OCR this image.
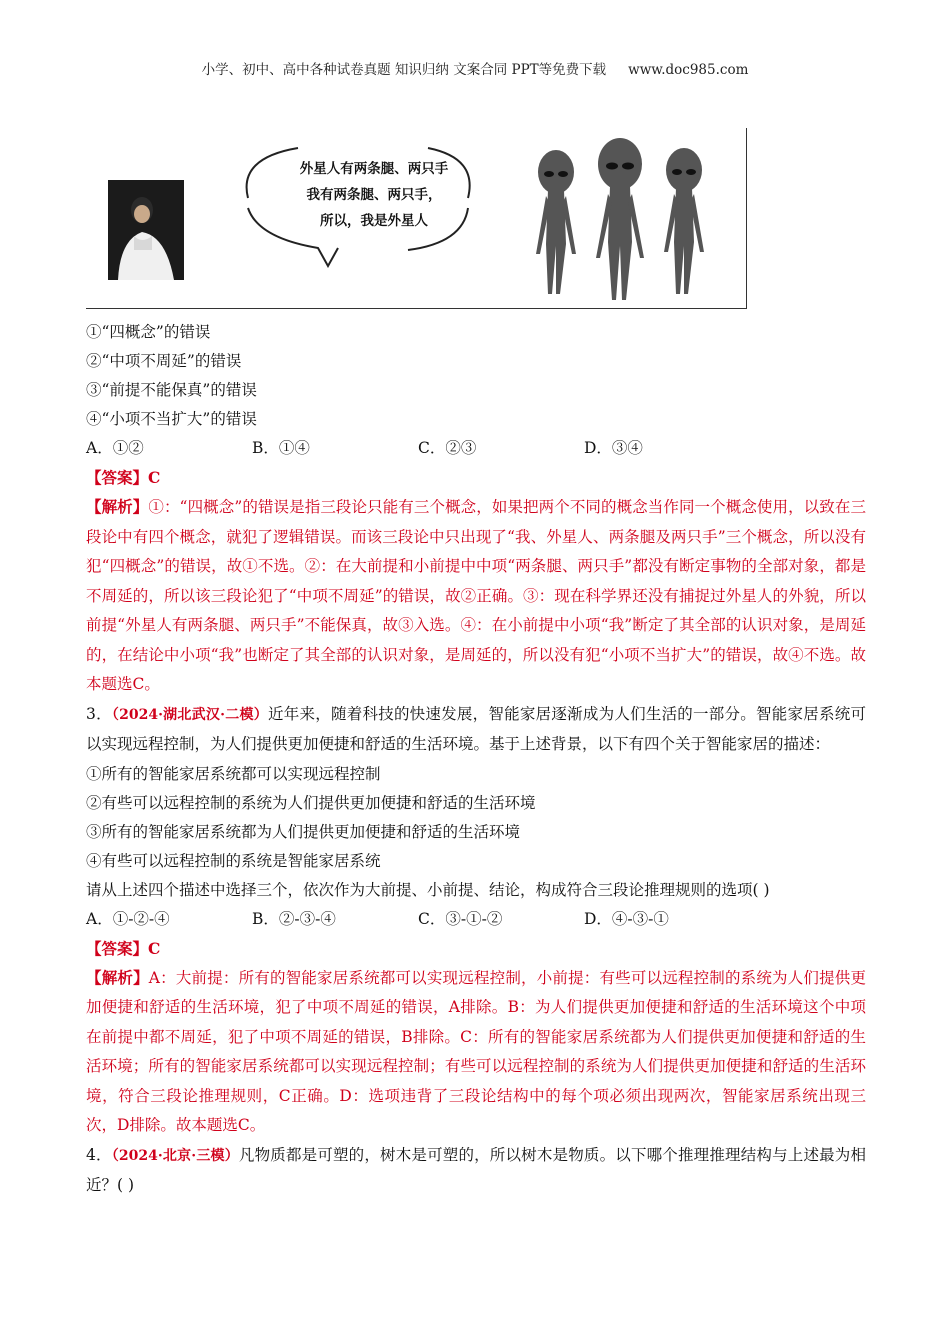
小学、初中、高中各种试卷真题 知识归纳 文案合同 PPT等免费下载 www.doc985.com
外星人有两条腿、两只手
我有两条腿、两只手，
所以，我是外星人
①“四概念”的错误
②“中项不周延”的错误
③“前提不能保真”的错误
④“小项不当扩大”的错误
A．①②	B．①④	C．②③	D．③④
【答案】C
【解析】①：“四概念”的错误是指三段论只能有三个概念，如果把两个不同的概念当作同一个概念使用，以致在三段论中有四个概念，就犯了逻辑错误。而该三段论中只出现了“我、外星人、两条腿及两只手”三个概念，所以没有犯“四概念”的错误，故①不选。②：在大前提和小前提中中项“两条腿、两只手”都没有断定事物的全部对象，都是不周延的，所以该三段论犯了“中项不周延”的错误，故②正确。③：现在科学界还没有捕捉过外星人的外貌，所以前提“外星人有两条腿、两只手”不能保真，故③入选。④：在小前提中小项“我”断定了其全部的认识对象，是周延的，在结论中小项“我”也断定了其全部的认识对象，是周延的，所以没有犯“小项不当扩大”的错误，故④不选。故本题选C。
3．（2024·湖北武汉·二模）近年来，随着科技的快速发展，智能家居逐渐成为人们生活的一部分。智能家居系统可以实现远程控制，为人们提供更加便捷和舒适的生活环境。基于上述背景，以下有四个关于智能家居的描述：
①所有的智能家居系统都可以实现远程控制
②有些可以远程控制的系统为人们提供更加便捷和舒适的生活环境
③所有的智能家居系统都为人们提供更加便捷和舒适的生活环境
④有些可以远程控制的系统是智能家居系统
请从上述四个描述中选择三个，依次作为大前提、小前提、结论，构成符合三段论推理规则的选项( )
A．①-②-④	B．②-③-④	C．③-①-②	D．④-③-①
【答案】C
【解析】A：大前提：所有的智能家居系统都可以实现远程控制，小前提：有些可以远程控制的系统为人们提供更加便捷和舒适的生活环境，犯了中项不周延的错误，A排除。B：为人们提供更加便捷和舒适的生活环境这个中项在前提中都不周延，犯了中项不周延的错误，B排除。C：所有的智能家居系统都为人们提供更加便捷和舒适的生活环境；所有的智能家居系统都可以实现远程控制；有些可以远程控制的系统为人们提供更加便捷和舒适的生活环境，符合三段论推理规则，C正确。D：选项违背了三段论结构中的每个项必须出现两次，智能家居系统出现三次，D排除。故本题选C。
4．（2024·北京·三模）凡物质都是可塑的，树木是可塑的，所以树木是物质。以下哪个推理推理结构与上述最为相近？( )
